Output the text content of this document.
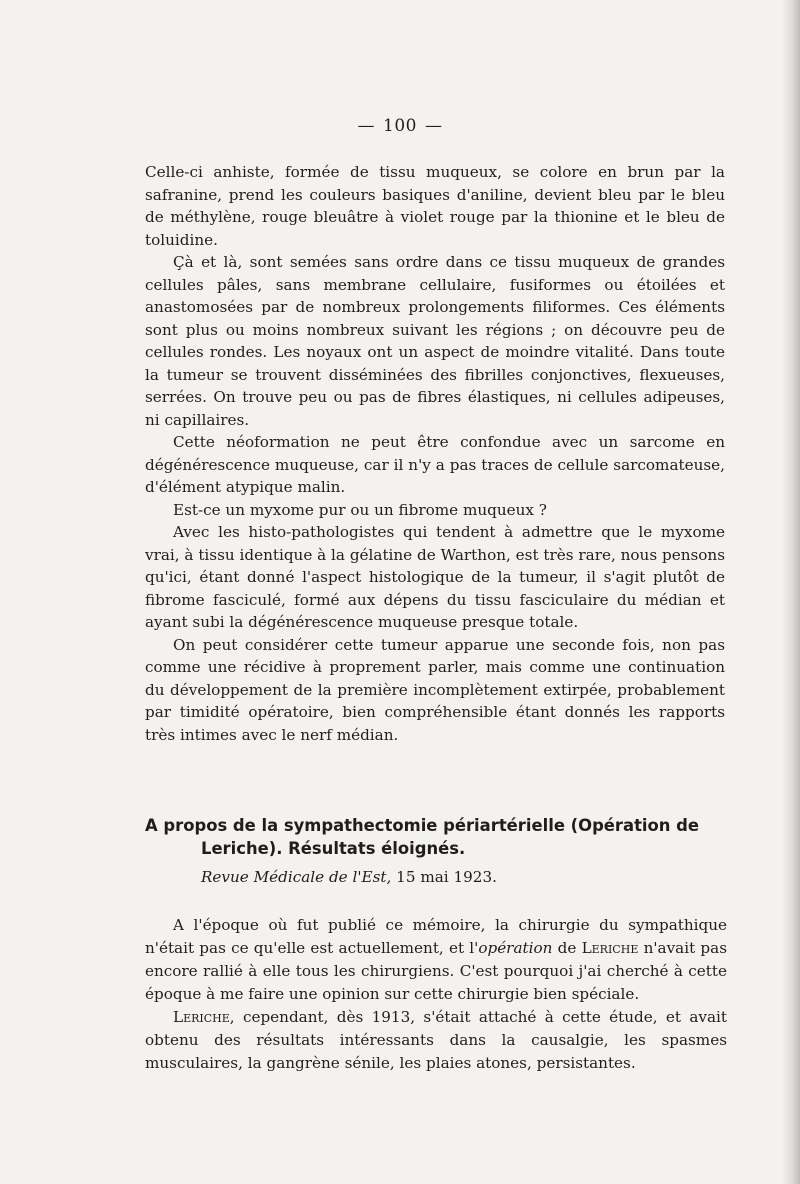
— 100 —

Celle-ci anhiste, formée de tissu muqueux, se colore en brun par la safranine, prend les couleurs basiques d'aniline, devient bleu par le bleu de méthylène, rouge bleuâtre à violet rouge par la thionine et le bleu de toluidine.

Çà et là, sont semées sans ordre dans ce tissu muqueux de grandes cellules pâles, sans membrane cellulaire, fusiformes ou étoilées et anastomosées par de nombreux prolongements filiformes. Ces éléments sont plus ou moins nombreux suivant les régions ; on découvre peu de cellules rondes. Les noyaux ont un aspect de moindre vitalité. Dans toute la tumeur se trouvent disséminées des fibrilles conjonctives, flexueuses, serrées. On trouve peu ou pas de fibres élastiques, ni cellules adipeuses, ni capillaires.

Cette néoformation ne peut être confondue avec un sarcome en dégénérescence muqueuse, car il n'y a pas traces de cellule sarcomateuse, d'élément atypique malin.

Est-ce un myxome pur ou un fibrome muqueux ?

Avec les histo-pathologistes qui tendent à admettre que le myxome vrai, à tissu identique à la gélatine de Warthon, est très rare, nous pensons qu'ici, étant donné l'aspect histologique de la tumeur, il s'agit plutôt de fibrome fasciculé, formé aux dépens du tissu fasciculaire du médian et ayant subi la dégénérescence muqueuse presque totale.

On peut considérer cette tumeur apparue une seconde fois, non pas comme une récidive à proprement parler, mais comme une continuation du développement de la première incomplètement extirpée, probablement par timidité opératoire, bien compréhensible étant donnés les rapports très intimes avec le nerf médian.

A propos de la sympathectomie périartérielle (Opération de
Leriche). Résultats éloignés.
Revue Médicale de l'Est, 15 mai 1923.

A l'époque où fut publié ce mémoire, la chirurgie du sympathique n'était pas ce qu'elle est actuellement, et l'opération de Leriche n'avait pas encore rallié à elle tous les chirurgiens. C'est pourquoi j'ai cherché à cette époque à me faire une opinion sur cette chirurgie bien spéciale.

Leriche, cependant, dès 1913, s'était attaché à cette étude, et avait obtenu des résultats intéressants dans la causalgie, les spasmes musculaires, la gangrène sénile, les plaies atones, persistantes.
